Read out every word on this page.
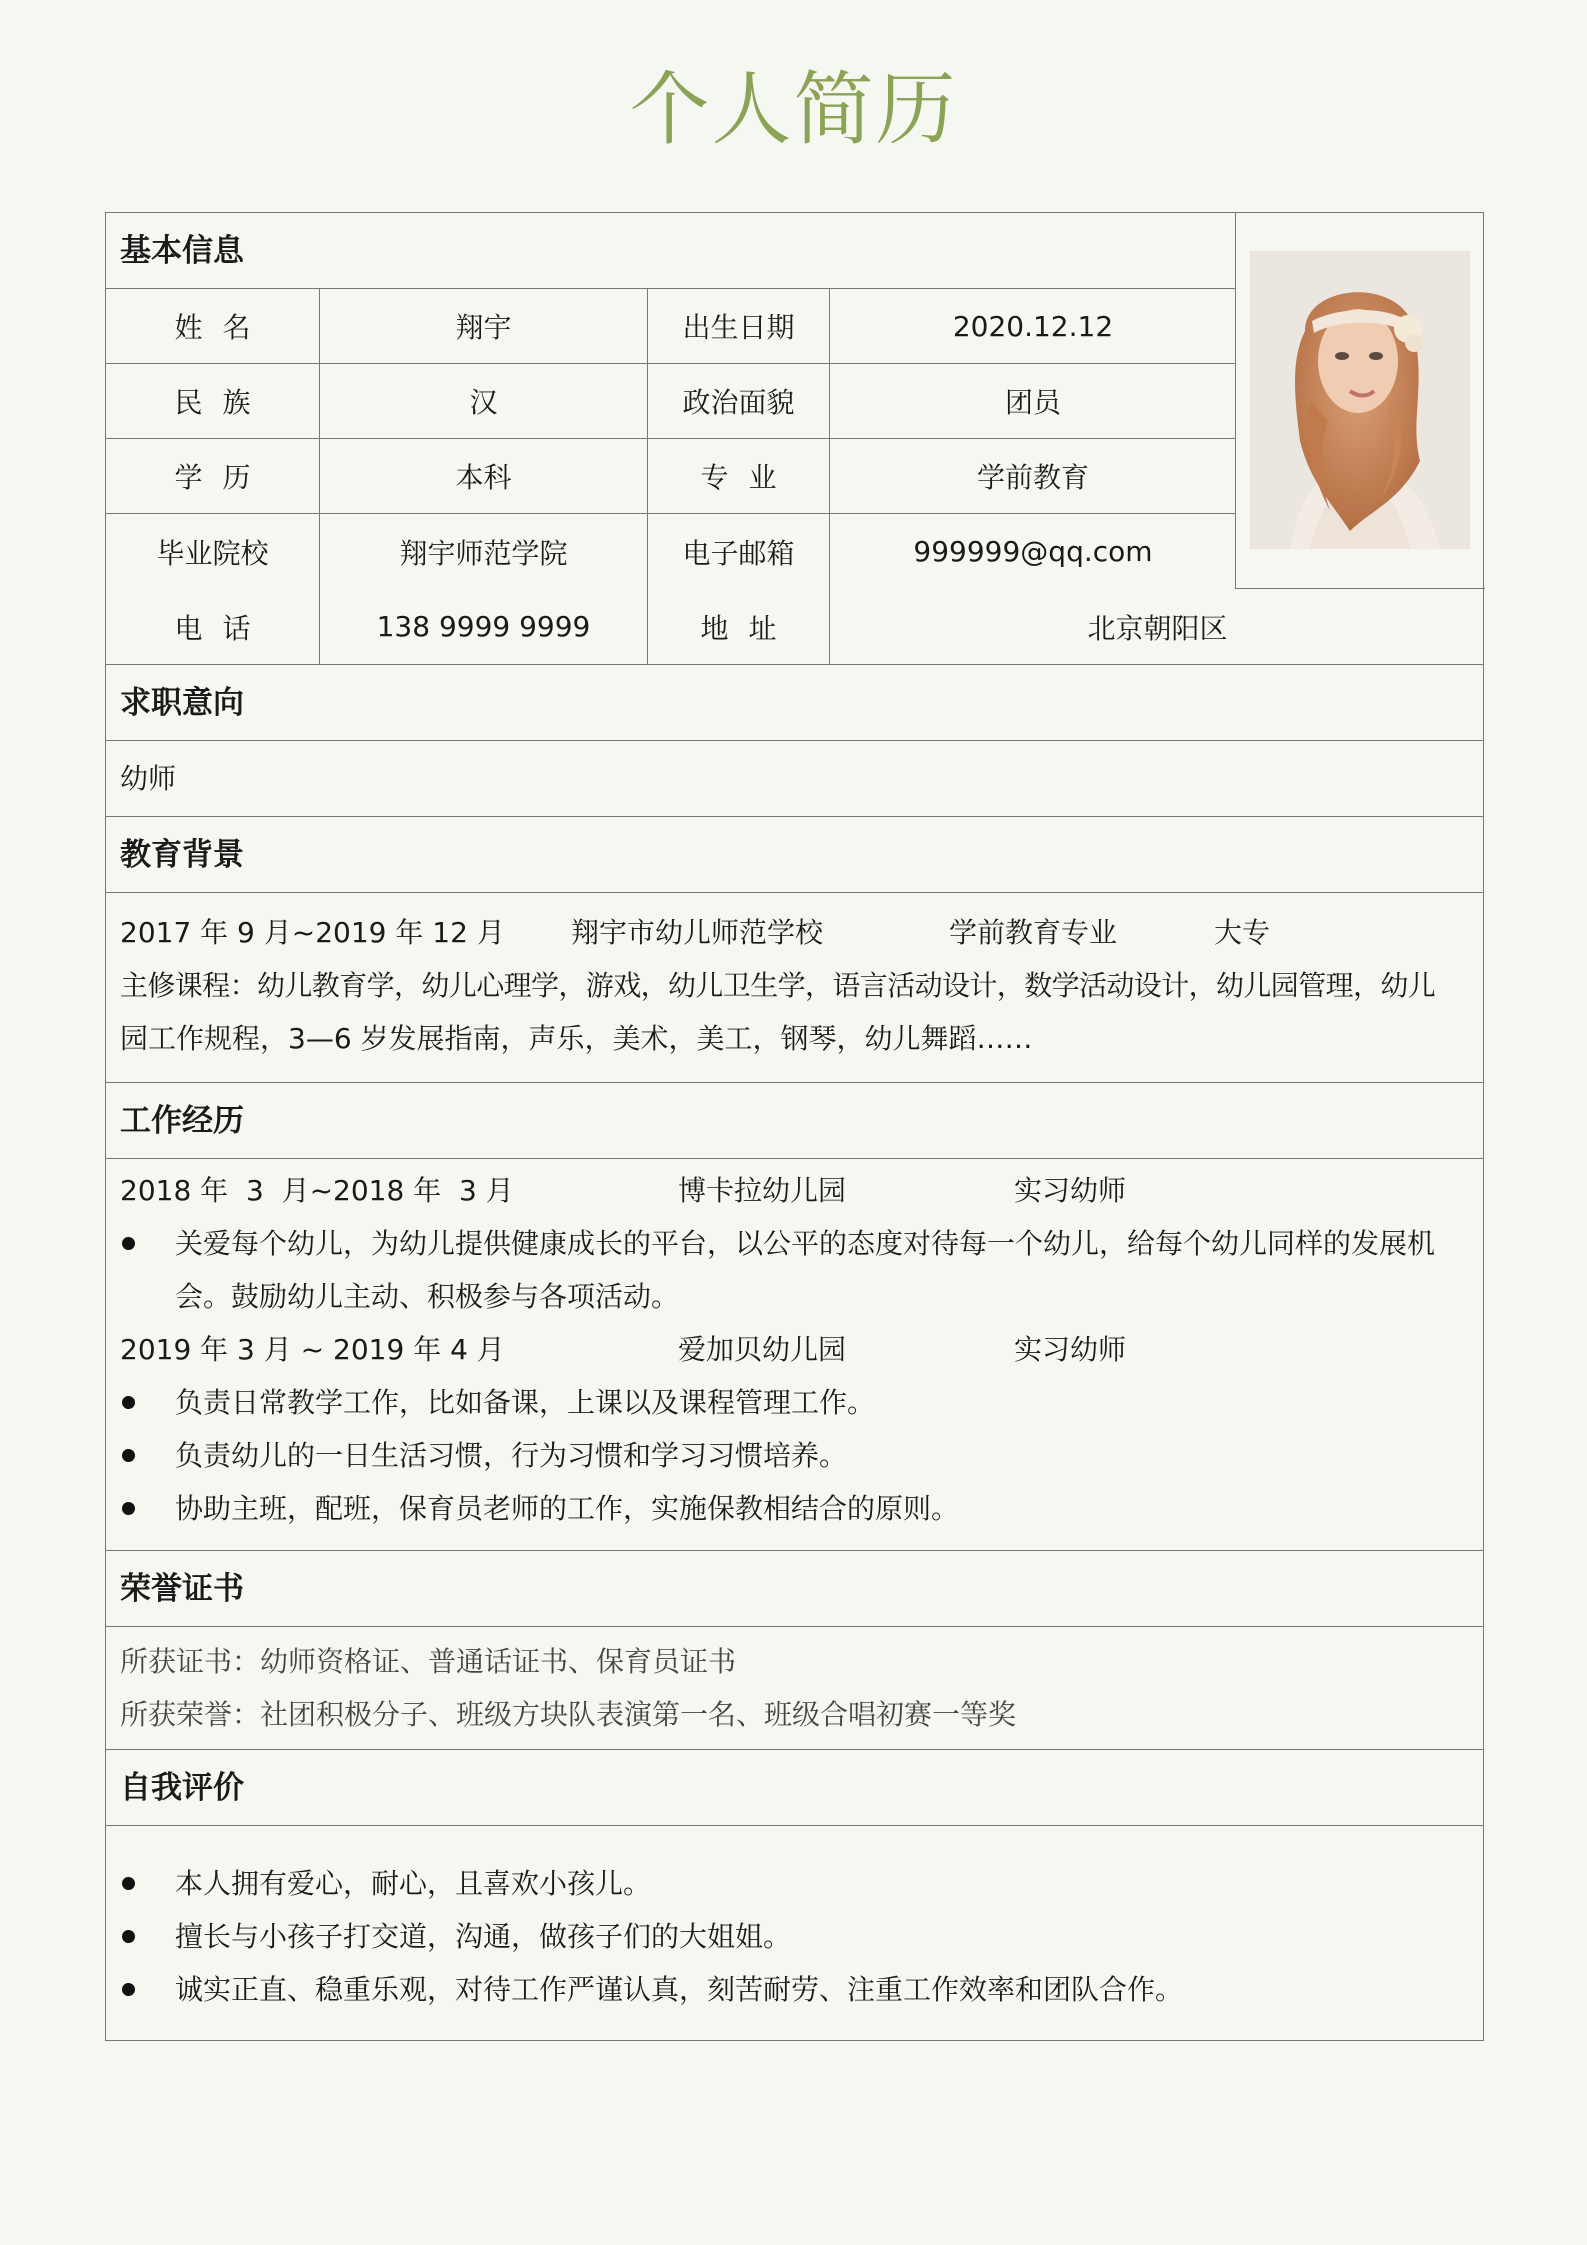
个人简历
基本信息
姓名	翔宇	出生日期	2020.12.12
民族	汉	政治面貌	团员
学历	本科	专业	学前教育
毕业院校	翔宇师范学院	电子邮箱	999999@qq.com
电话	138 9999 9999	地址	北京朝阳区
求职意向
幼师
教育背景
2017 年 9 月~2019 年 12 月 翔宇市幼儿师范学校	学前教育专业	大专
主修课程：幼儿教育学，幼儿心理学，游戏，幼儿卫生学，语言活动设计，数学活动设计，幼儿园管理，幼儿
园工作规程，3—6 岁发展指南，声乐，美术，美工，钢琴，幼儿舞蹈……
工作经历
2018 年  3  月~2018 年  3 月	博卡拉幼儿园	实习幼师
关爱每个幼儿，为幼儿提供健康成长的平台，以公平的态度对待每一个幼儿，给每个幼儿同样的发展机会。鼓励幼儿主动、积极参与各项活动。
2019 年 3 月 ~ 2019 年 4 月	爱加贝幼儿园	实习幼师
负责日常教学工作，比如备课，上课以及课程管理工作。
负责幼儿的一日生活习惯，行为习惯和学习习惯培养。
协助主班，配班，保育员老师的工作，实施保教相结合的原则。
荣誉证书
所获证书：幼师资格证、普通话证书、保育员证书
所获荣誉：社团积极分子、班级方块队表演第一名、班级合唱初赛一等奖
自我评价
本人拥有爱心，耐心，且喜欢小孩儿。
擅长与小孩子打交道，沟通，做孩子们的大姐姐。
诚实正直、稳重乐观，对待工作严谨认真，刻苦耐劳、注重工作效率和团队合作。
